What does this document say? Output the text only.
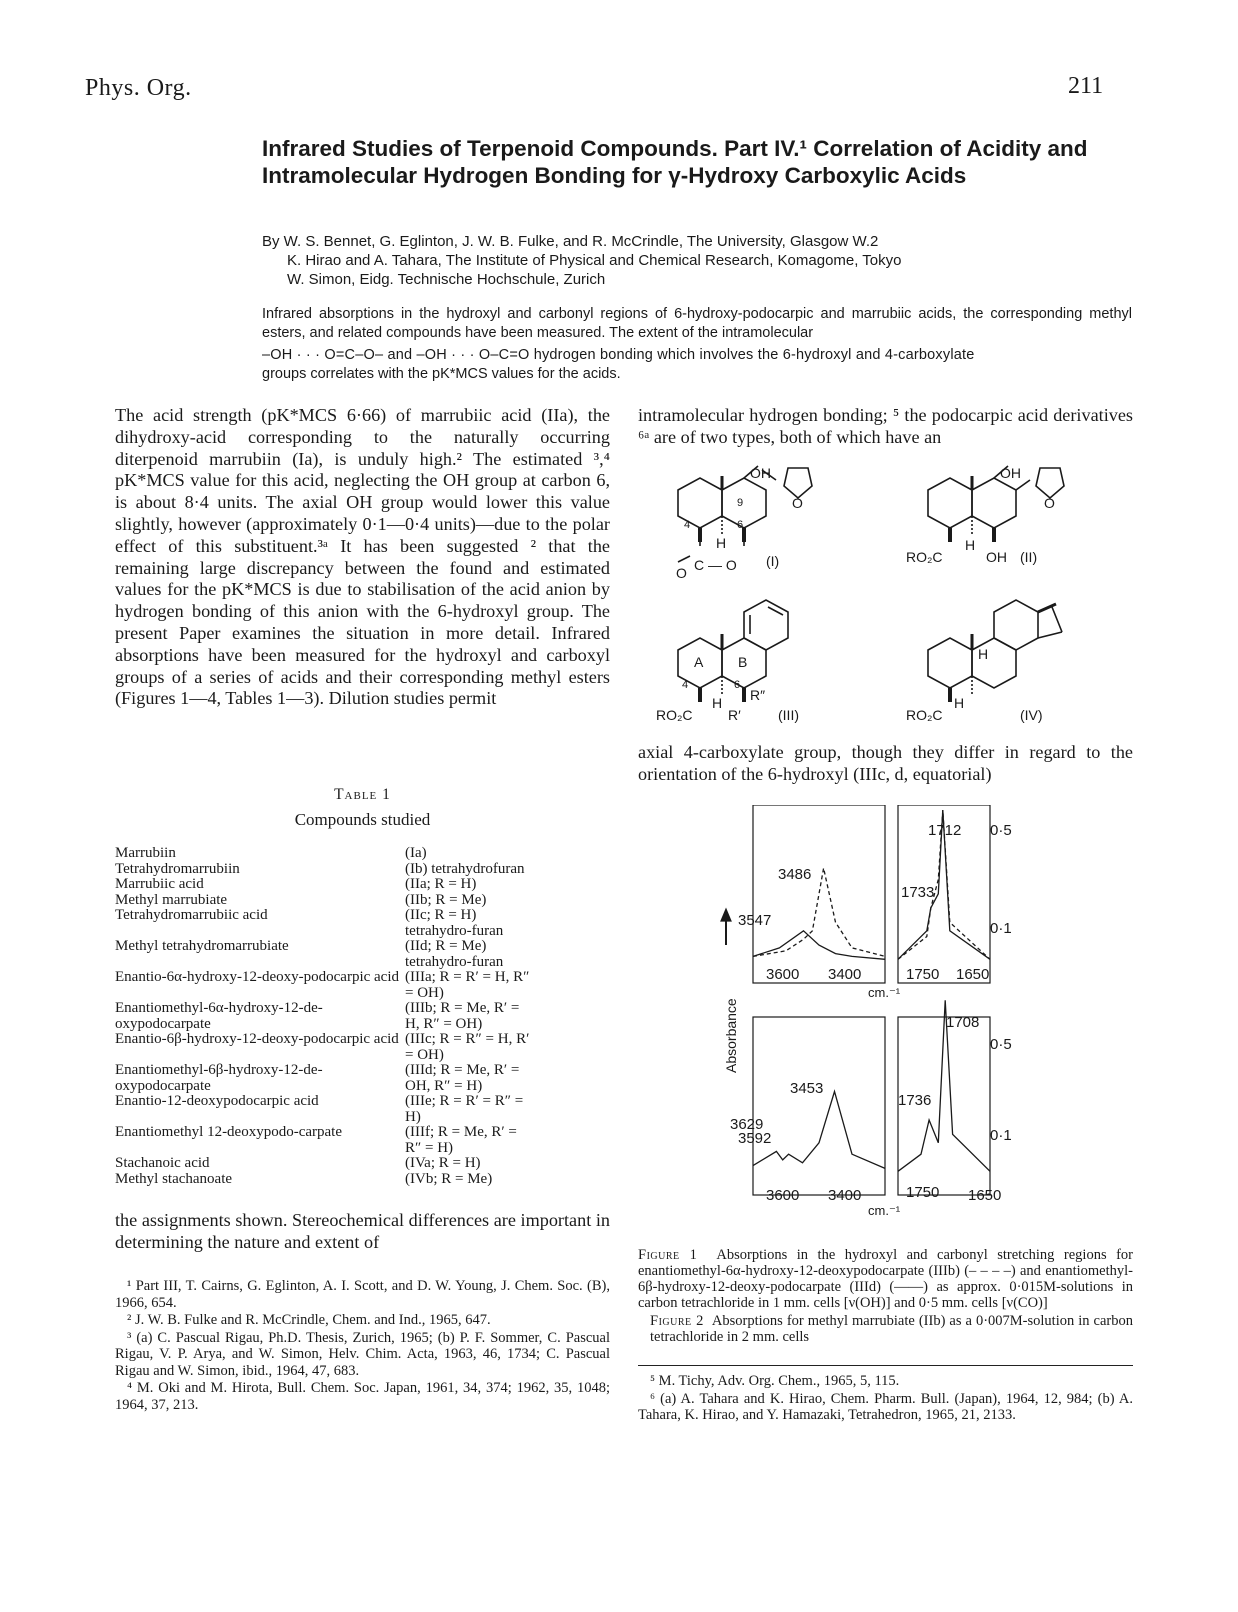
Phys. Org.	211
Infrared Studies of Terpenoid Compounds. Part IV.¹ Correlation of Acidity and Intramolecular Hydrogen Bonding for γ-Hydroxy Carboxylic Acids
By W. S. Bennet, G. Eglinton, J. W. B. Fulke, and R. McCrindle, The University, Glasgow W.2
K. Hirao and A. Tahara, The Institute of Physical and Chemical Research, Komagome, Tokyo
W. Simon, Eidg. Technische Hochschule, Zurich

Infrared absorptions in the hydroxyl and carbonyl regions of 6-hydroxy-podocarpic and marrubiic acids, the corresponding methyl esters, and related compounds have been measured. The extent of the intramolecular

–OH · · · O=C–O– and –OH · · · O–C=O hydrogen bonding which involves the 6-hydroxyl and 4-carboxylate

groups correlates with the pK*MCS values for the acids.

The acid strength (pK*MCS 6·66) of marrubiic acid (IIa), the dihydroxy-acid corresponding to the naturally occurring diterpenoid marrubiin (Ia), is unduly high.² The estimated ³,⁴ pK*MCS value for this acid, neglecting the OH group at carbon 6, is about 8·4 units. The axial OH group would lower this value slightly, however (approximately 0·1—0·4 units)—due to the polar effect of this substituent.³ᵃ It has been suggested ² that the remaining large discrepancy between the found and estimated values for the pK*MCS is due to stabilisation of the acid anion by hydrogen bonding of this anion with the 6-hydroxyl group. The present Paper examines the situation in more detail. Infrared absorptions have been measured for the hydroxyl and carboxyl groups of a series of acids and their corresponding methyl esters (Figures 1—4, Tables 1—3). Dilution studies permit

Table 1
Compounds studied
Marrubiin	(Ia)
Tetrahydromarrubiin	(Ib) tetrahydrofuran
Marrubiic acid	(IIa; R = H)
Methyl marrubiate	(IIb; R = Me)
Tetrahydromarrubiic acid	(IIc; R = H) tetrahydro-furan
Methyl tetrahydromarrubiate	(IId; R = Me) tetrahydro-furan
Enantio-6α-hydroxy-12-deoxy-podocarpic acid	(IIIa; R = R′ = H, R″ = OH)
Enantiomethyl-6α-hydroxy-12-de-oxypodocarpate	(IIIb; R = Me, R′ = H, R″ = OH)
Enantio-6β-hydroxy-12-deoxy-podocarpic acid	(IIIc; R = R″ = H, R′ = OH)
Enantiomethyl-6β-hydroxy-12-de-oxypodocarpate	(IIId; R = Me, R′ = OH, R″ = H)
Enantio-12-deoxypodocarpic acid	(IIIe; R = R′ = R″ = H)
Enantiomethyl 12-deoxypodo-carpate	(IIIf; R = Me, R′ = R″ = H)
Stachanoic acid	(IVa; R = H)
Methyl stachanoate	(IVb; R = Me)

the assignments shown. Stereochemical differences are important in determining the nature and extent of

¹ Part III, T. Cairns, G. Eglinton, A. I. Scott, and D. W. Young, J. Chem. Soc. (B), 1966, 654.

² J. W. B. Fulke and R. McCrindle, Chem. and Ind., 1965, 647.

³ (a) C. Pascual Rigau, Ph.D. Thesis, Zurich, 1965; (b) P. F. Sommer, C. Pascual Rigau, V. P. Arya, and W. Simon, Helv. Chim. Acta, 1963, 46, 1734; C. Pascual Rigau and W. Simon, ibid., 1964, 47, 683.

⁴ M. Oki and M. Hirota, Bull. Chem. Soc. Japan, 1961, 34, 374; 1962, 35, 1048; 1964, 37, 213.

intramolecular hydrogen bonding; ⁵ the podocarpic acid derivatives ⁶ᵃ are of two types, both of which have an

OH
O
9
4	6
H
O C — O (I)
OH
O
H
RO₂C	OH (II)
A B
4	6
H R″
RO₂C	R′	(III)
H
H
RO₂C	(IV)

axial 4-carboxylate group, though they differ in regard to the orientation of the 6-hydroxyl (IIIc, d, equatorial)

3600 3400	1750 1650
cm.⁻¹
3600 3400	1750 1650
cm.⁻¹
0·5
0·1
0·5
0·1
3486
3547
1712
1733
3453
3629
3592
1736
1708
Absorbance

Figure 1 Absorptions in the hydroxyl and carbonyl stretching regions for enantiomethyl-6α-hydroxy-12-deoxypodocarpate (IIIb) (– – – –) and enantiomethyl-6β-hydroxy-12-deoxy-podocarpate (IIId) (——) as approx. 0·015M-solutions in carbon tetrachloride in 1 mm. cells [ν(OH)] and 0·5 mm. cells [ν(CO)]

Figure 2 Absorptions for methyl marrubiate (IIb) as a 0·007M-solution in carbon tetrachloride in 2 mm. cells

⁵ M. Tichy, Adv. Org. Chem., 1965, 5, 115.

⁶ (a) A. Tahara and K. Hirao, Chem. Pharm. Bull. (Japan), 1964, 12, 984; (b) A. Tahara, K. Hirao, and Y. Hamazaki, Tetrahedron, 1965, 21, 2133.
